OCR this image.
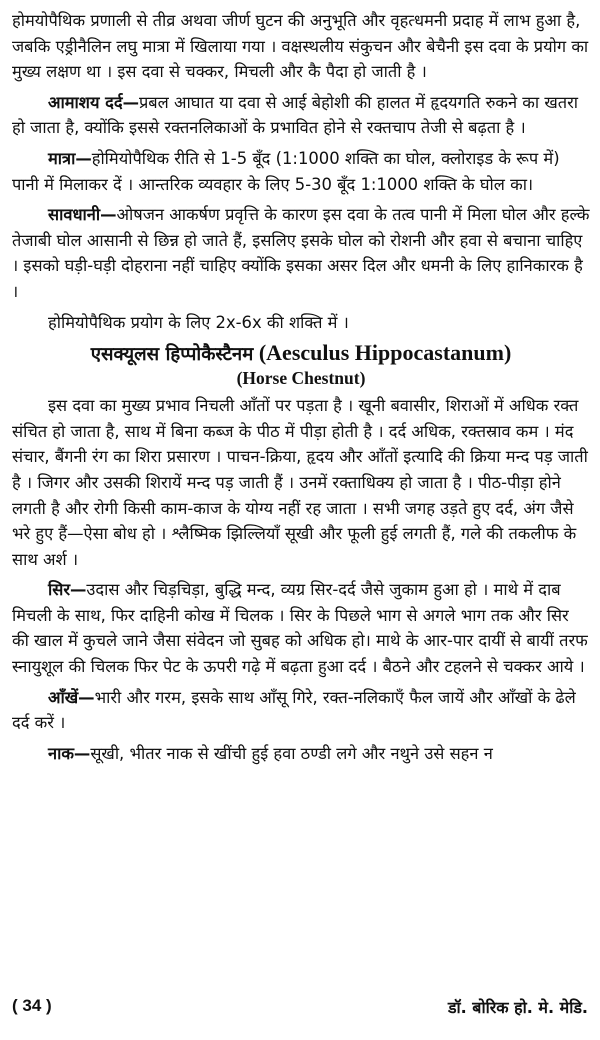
होमयोपैथिक प्रणाली से तीव्र अथवा जीर्ण घुटन की अनुभूति और वृहत्धमनी प्रदाह में लाभ हुआ है, जबकि एड्रीनैलिन लघु मात्रा में खिलाया गया । वक्षस्थलीय संकुचन और बेचैनी इस दवा के प्रयोग का मुख्य लक्षण था । इस दवा से चक्कर, मिचली और कै पैदा हो जाती है ।

आमाशय दर्द—प्रबल आघात या दवा से आई बेहोशी की हालत में हृदयगति रुकने का खतरा हो जाता है, क्योंकि इससे रक्तनलिकाओं के प्रभावित होने से रक्तचाप तेजी से बढ़ता है ।

मात्रा—होमियोपैथिक रीति से 1-5 बूँद (1:1000 शक्ति का घोल, क्लोराइड के रूप में) पानी में मिलाकर दें । आन्तरिक व्यवहार के लिए 5-30 बूँद 1:1000 शक्ति के घोल का।

सावधानी—ओषजन आकर्षण प्रवृत्ति के कारण इस दवा के तत्व पानी में मिला घोल और हल्के तेजाबी घोल आसानी से छिन्न हो जाते हैं, इसलिए इसके घोल को रोशनी और हवा से बचाना चाहिए । इसको घड़ी-घड़ी दोहराना नहीं चाहिए क्योंकि इसका असर दिल और धमनी के लिए हानिकारक है ।

होमियोपैथिक प्रयोग के लिए 2x-6x की शक्ति में ।

एसक्यूलस हिप्पोकैस्टैनम (Aesculus Hippocastanum)
(Horse Chestnut)

इस दवा का मुख्य प्रभाव निचली आँतों पर पड़ता है । खूनी बवासीर, शिराओं में अधिक रक्त संचित हो जाता है, साथ में बिना कब्ज के पीठ में पीड़ा होती है । दर्द अधिक, रक्तस्राव कम । मंद संचार, बैंगनी रंग का शिरा प्रसारण । पाचन-क्रिया, हृदय और आँतों इत्यादि की क्रिया मन्द पड़ जाती है । जिगर और उसकी शिरायें मन्द पड़ जाती हैं । उनमें रक्ताधिक्य हो जाता है । पीठ-पीड़ा होने लगती है और रोगी किसी काम-काज के योग्य नहीं रह जाता । सभी जगह उड़ते हुए दर्द, अंग जैसे भरे हुए हैं—ऐसा बोध हो । श्लैष्मिक झिल्लियाँ सूखी और फूली हुई लगती हैं, गले की तकलीफ के साथ अर्श ।

सिर—उदास और चिड़चिड़ा, बुद्धि मन्द, व्यग्र सिर-दर्द जैसे जुकाम हुआ हो । माथे में दाब मिचली के साथ, फिर दाहिनी कोख में चिलक । सिर के पिछले भाग से अगले भाग तक और सिर की खाल में कुचले जाने जैसा संवेदन जो सुबह को अधिक हो। माथे के आर-पार दायीं से बायीं तरफ स्नायुशूल की चिलक फिर पेट के ऊपरी गढ़े में बढ़ता हुआ दर्द । बैठने और टहलने से चक्कर आये ।

आँखें—भारी और गरम, इसके साथ आँसू गिरे, रक्त-नलिकाएँ फैल जायें और आँखों के ढेले दर्द करें ।

नाक—सूखी, भीतर नाक से खींची हुई हवा ठण्डी लगे और नथुने उसे सहन न

( 34 )	डॉ. बोरिक हो. मे. मेडि.
